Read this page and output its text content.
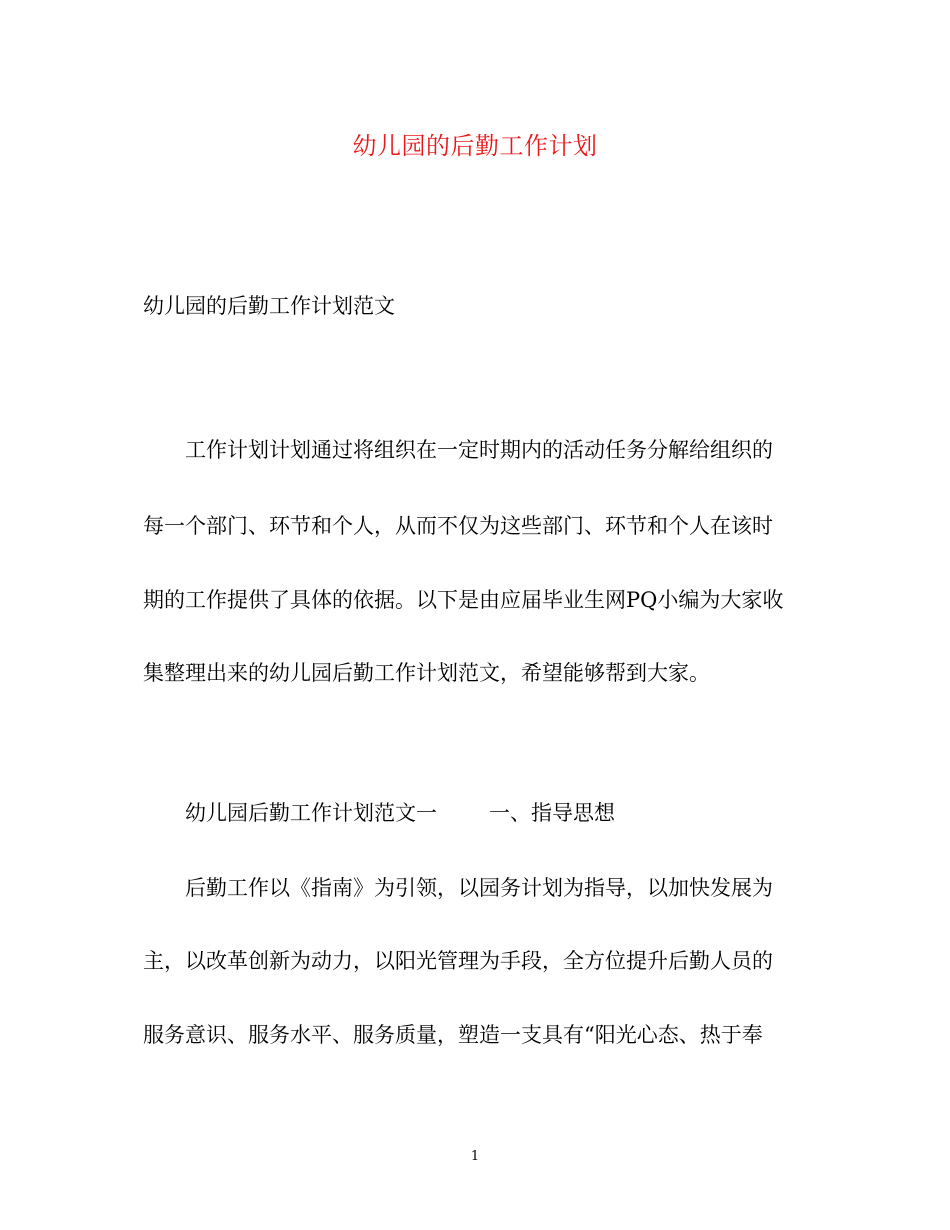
幼儿园的后勤工作计划
幼儿园的后勤工作计划范文
工作计划计划通过将组织在一定时期内的活动任务分解给组织的
每一个部门、环节和个人，从而不仅为这些部门、环节和个人在该时
期的工作提供了具体的依据。以下是由应届毕业生网PQ小编为大家收
集整理出来的幼儿园后勤工作计划范文，希望能够帮到大家。
幼儿园后勤工作计划范文一 一、指导思想
后勤工作以《指南》为引领，以园务计划为指导，以加快发展为
主，以改革创新为动力，以阳光管理为手段，全方位提升后勤人员的
服务意识、服务水平、服务质量，塑造一支具有“阳光心态、热于奉
1
